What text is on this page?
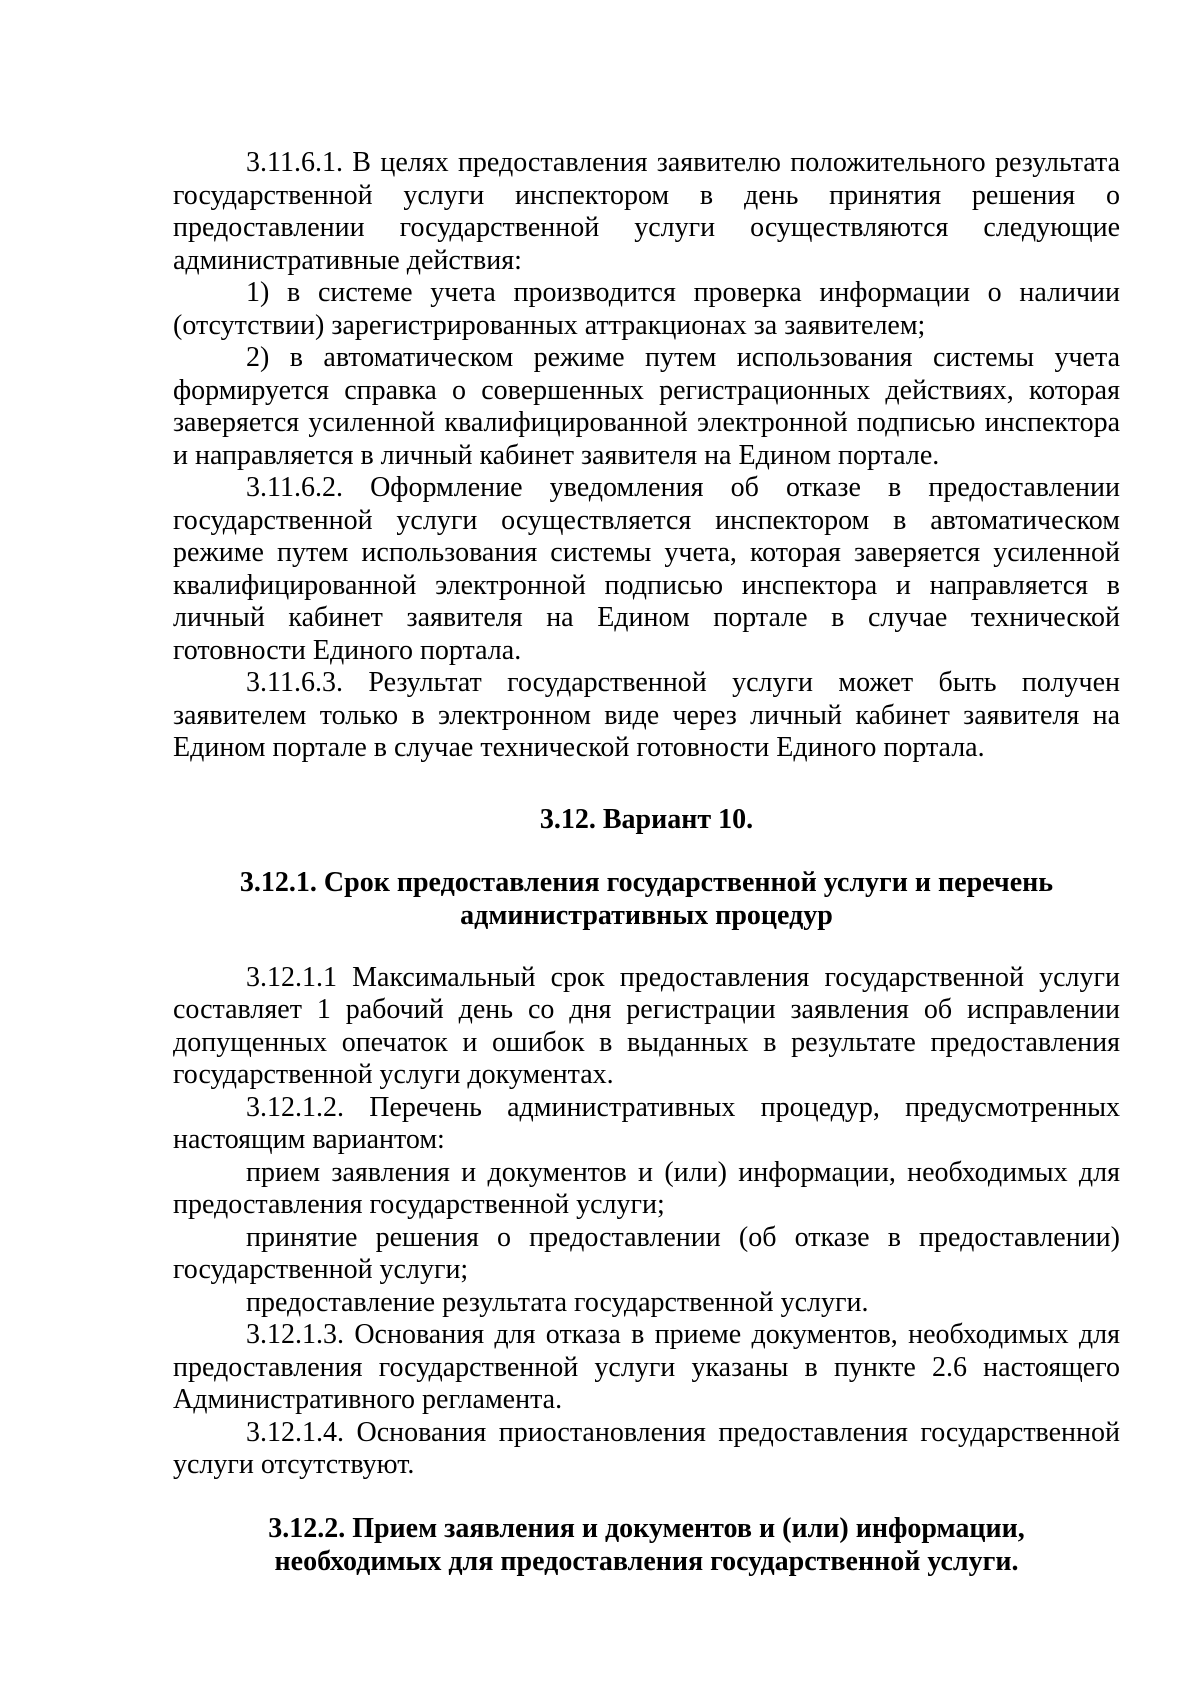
3.11.6.1. В целях предоставления заявителю положительного результата государственной услуги инспектором в день принятия решения о предоставлении государственной услуги осуществляются следующие административные действия:

1) в системе учета производится проверка информации о наличии (отсутствии) зарегистрированных аттракционах за заявителем;

2) в автоматическом режиме путем использования системы учета формируется справка о совершенных регистрационных действиях, которая заверяется усиленной квалифицированной электронной подписью инспектора и направляется в личный кабинет заявителя на Едином портале.

3.11.6.2. Оформление уведомления об отказе в предоставлении государственной услуги осуществляется инспектором в автоматическом режиме путем использования системы учета, которая заверяется усиленной квалифицированной электронной подписью инспектора и направляется в личный кабинет заявителя на Едином портале в случае технической готовности Единого портала.

3.11.6.3. Результат государственной услуги может быть получен заявителем только в электронном виде через личный кабинет заявителя на Едином портале в случае технической готовности Единого портала.

3.12. Вариант 10.

3.12.1. Срок предоставления государственной услуги и перечень

административных процедур

3.12.1.1 Максимальный срок предоставления государственной услуги составляет 1 рабочий день со дня регистрации заявления об исправлении допущенных опечаток и ошибок в выданных в результате предоставления государственной услуги документах.

3.12.1.2. Перечень административных процедур, предусмотренных настоящим вариантом:

прием заявления и документов и (или) информации, необходимых для предоставления государственной услуги;

принятие решения о предоставлении (об отказе в предоставлении) государственной услуги;

предоставление результата государственной услуги.

3.12.1.3. Основания для отказа в приеме документов, необходимых для предоставления государственной услуги указаны в пункте 2.6 настоящего Административного регламента.

3.12.1.4. Основания приостановления предоставления государственной услуги отсутствуют.

3.12.2. Прием заявления и документов и (или) информации,

необходимых для предоставления государственной услуги.
